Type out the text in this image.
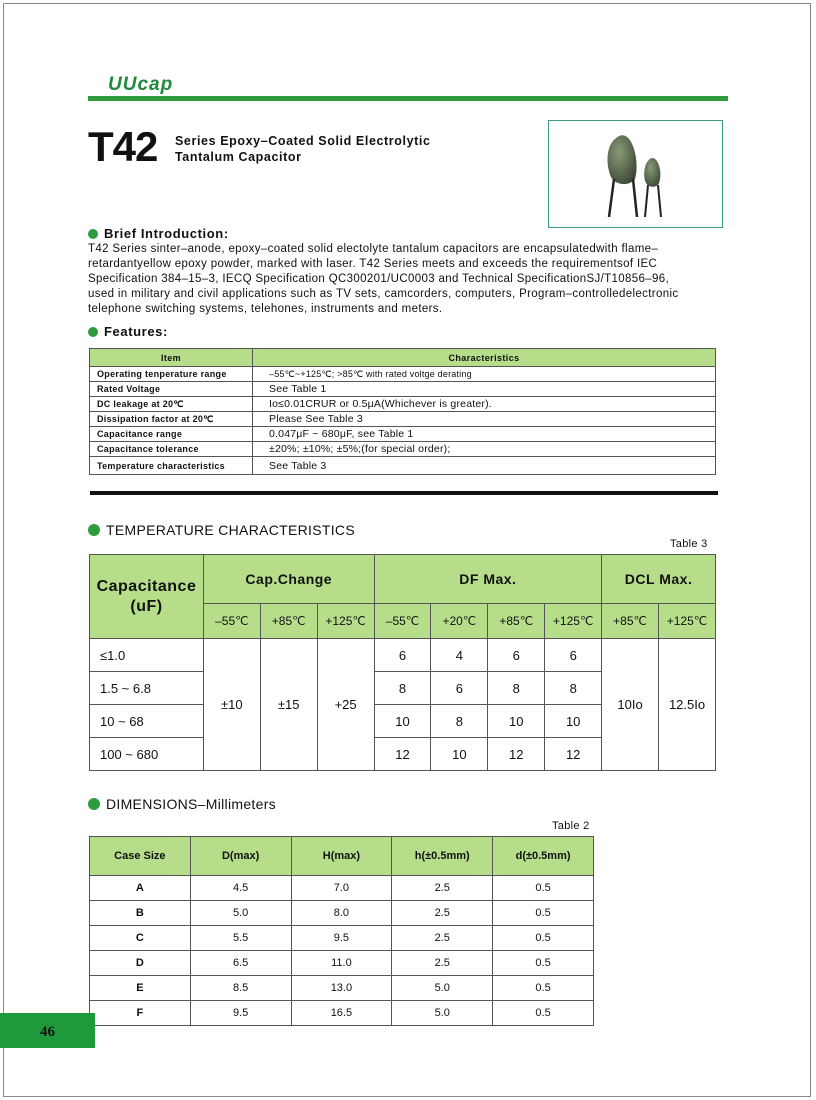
UUcap
T42 Series Epoxy–Coated Solid Electrolytic
Tantalum Capacitor
Brief Introduction:

T42 Series sinter–anode, epoxy–coated solid electolyte tantalum capacitors are encapsulatedwith flame–

retardantyellow epoxy powder, marked with laser. T42 Series meets and exceeds the requirementsof IEC

Specification 384–15–3, IECQ Specification QC300201/UC0003 and Technical SpecificationSJ/T10856–96,

used in military and civil applications such as TV sets, camcorders, computers, Program–controlledelectronic

telephone switching systems, telehones, instruments and meters.

Features:
Item	Characteristics
Operating tenperature range	–55℃~+125℃; >85℃ with rated voltge derating
Rated Voltage	See Table 1
DC leakage at 20℃	Io≤0.01CRUR or 0.5μA(Whichever is greater).
Dissipation factor at 20℃	Please See Table 3
Capacitance range	0.047μF ~ 680μF, see Table 1
Capacitance tolerance	±20%; ±10%; ±5%;(for special order);
Temperature characteristics	See Table 3
TEMPERATURE CHARACTERISTICS
Table 3
Capacitance
(uF)	Cap.Change			DF Max.				DCL Max.	
	–55℃	+85℃	+125℃	–55℃	+20℃	+85℃	+125℃	+85℃	+125℃
≤1.0	±10	±15	+25	6	4	6	6	10Io	12.5Io
1.5 ~ 6.8				8	6	8	8		
10 ~ 68				10	8	10	10		
100 ~ 680				12	10	12	12		
DIMENSIONS–Millimeters
Table 2
Case Size	D(max)	H(max)	h(±0.5mm)	d(±0.5mm)
A	4.5	7.0	2.5	0.5
B	5.0	8.0	2.5	0.5
C	5.5	9.5	2.5	0.5
D	6.5	11.0	2.5	0.5
E	8.5	13.0	5.0	0.5
F	9.5	16.5	5.0	0.5
46
